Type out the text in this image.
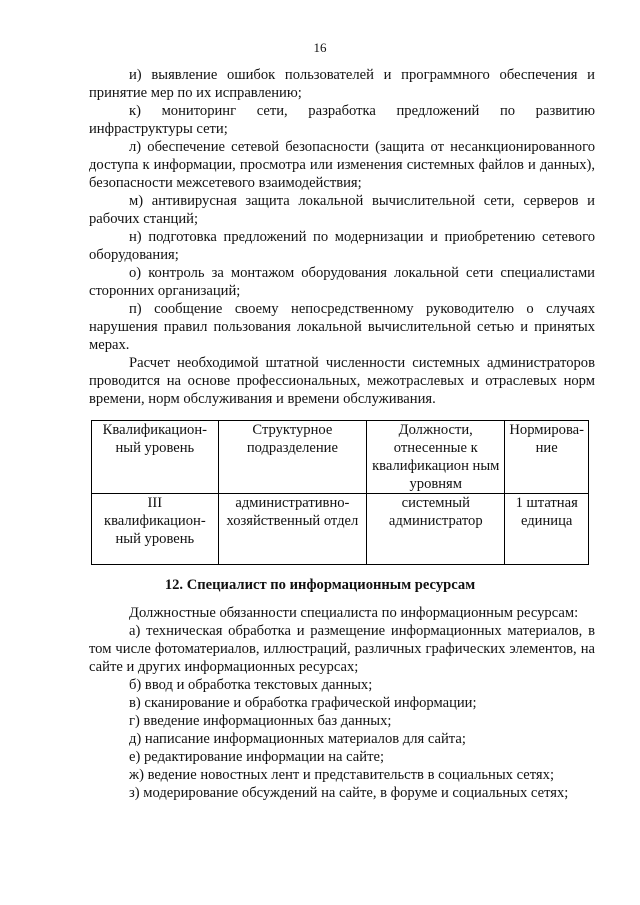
16

и) выявление ошибок пользователей и программного обеспечения и принятие мер по их исправлению;

к) мониторинг сети, разработка предложений по развитию инфраструктуры сети;

л) обеспечение сетевой безопасности (защита от несанкционированного доступа к информации, просмотра или изменения системных файлов и данных), безопасности межсетевого взаимодействия;

м) антивирусная защита локальной вычислительной сети, серверов и рабочих станций;

н) подготовка предложений по модернизации и приобретению сетевого оборудования;

о) контроль за монтажом оборудования локальной сети специалистами сторонних организаций;

п) сообщение своему непосредственному руководителю о случаях нарушения правил пользования локальной вычислительной сетью и принятых мерах.

Расчет необходимой штатной численности системных администраторов проводится на основе профессиональных, межотраслевых и отраслевых норм времени, норм обслуживания и времени обслуживания.

Квалификацион-ный уровень	Структурное подразделение	Должности, отнесенные к квалификацион ным уровням	Нормирова-ние
III квалификацион-ный уровень	административно-хозяйственный отдел	системный администратор	1 штатная единица
12. Специалист по информационным ресурсам

Должностные обязанности специалиста по информационным ресурсам:

а) техническая обработка и размещение информационных материалов, в том числе фотоматериалов, иллюстраций, различных графических элементов, на сайте и других информационных ресурсах;

б) ввод и обработка текстовых данных;

в) сканирование и обработка графической информации;

г) введение информационных баз данных;

д) написание информационных материалов для сайта;

е) редактирование информации на сайте;

ж) ведение новостных лент и представительств в социальных сетях;

з) модерирование обсуждений на сайте, в форуме и социальных сетях;
